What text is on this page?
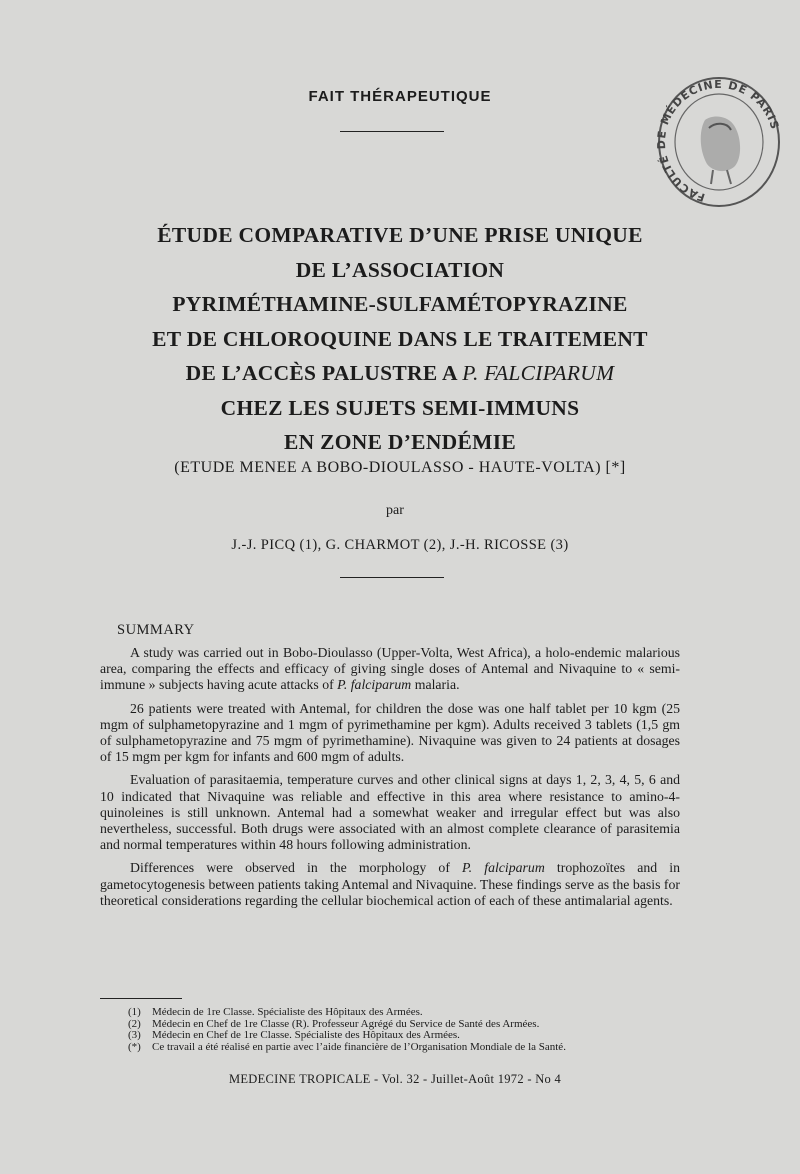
FAIT THÉRAPEUTIQUE
FACULTÉ DE MÉDECINE DE PARIS
ÉTUDE COMPARATIVE D’UNE PRISE UNIQUE
DE L’ASSOCIATION
PYRIMÉTHAMINE-SULFAMÉTOPYRAZINE
ET DE CHLOROQUINE DANS LE TRAITEMENT
DE L’ACCÈS PALUSTRE A P. FALCIPARUM
CHEZ LES SUJETS SEMI-IMMUNS
EN ZONE D’ENDÉMIE
(ETUDE MENEE A BOBO-DIOULASSO - HAUTE-VOLTA) [*]
par
J.-J. PICQ (1), G. CHARMOT (2), J.-H. RICOSSE (3)
SUMMARY

A study was carried out in Bobo-Dioulasso (Upper-Volta, West Africa), a holo-endemic malarious area, comparing the effects and efficacy of giving single doses of Antemal and Nivaquine to « semi-immune » subjects having acute attacks of P. falciparum malaria.

26 patients were treated with Antemal, for children the dose was one half tablet per 10 kgm (25 mgm of sulphametopyrazine and 1 mgm of pyrimethamine per kgm). Adults received 3 tablets (1,5 gm of sulphametopyrazine and 75 mgm of pyrimethamine). Nivaquine was given to 24 patients at dosages of 15 mgm per kgm for infants and 600 mgm of adults.

Evaluation of parasitaemia, temperature curves and other clinical signs at days 1, 2, 3, 4, 5, 6 and 10 indicated that Nivaquine was reliable and effective in this area where resistance to amino-4-quinoleines is still unknown. Antemal had a somewhat weaker and irregular effect but was also nevertheless, successful. Both drugs were associated with an almost complete clearance of parasitemia and normal temperatures within 48 hours following administration.

Differences were observed in the morphology of P. falciparum trophozoïtes and in gametocytogenesis between patients taking Antemal and Nivaquine. These findings serve as the basis for theoretical considerations regarding the cellular biochemical action of each of these antimalarial agents.

(1) Médecin de 1re Classe. Spécialiste des Hôpitaux des Armées.
(2) Médecin en Chef de 1re Classe (R). Professeur Agrégé du Service de Santé des Armées.
(3) Médecin en Chef de 1re Classe. Spécialiste des Hôpitaux des Armées.
(*) Ce travail a été réalisé en partie avec l’aide financière de l’Organisation Mondiale de la Santé.
MEDECINE TROPICALE - Vol. 32 - Juillet-Août 1972 - No 4
